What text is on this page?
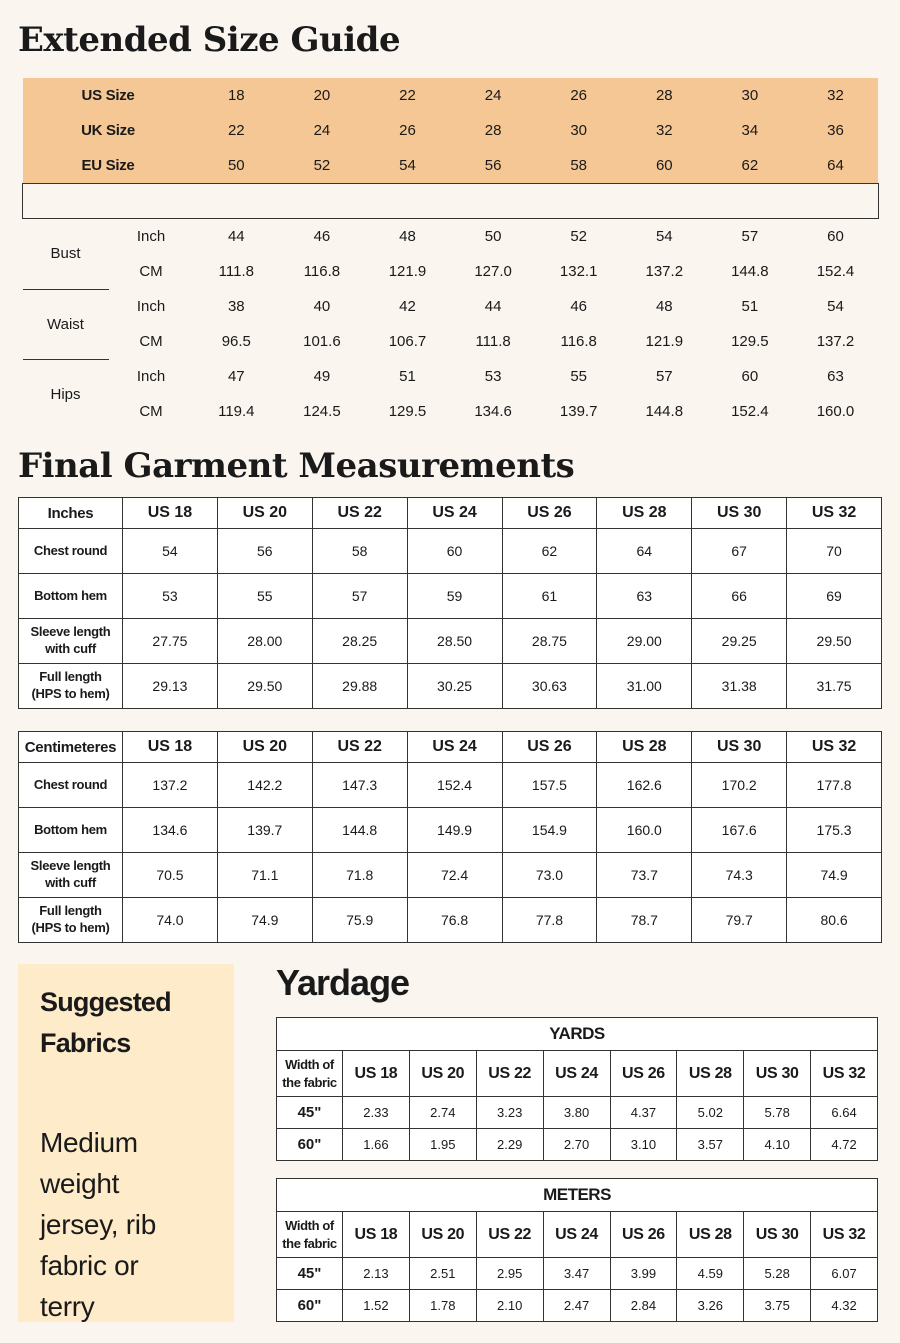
Extended Size Guide
US Size		18	20	22	24	26	28	30	32
UK Size		22	24	26	28	30	32	34	36
EU Size		50	52	54	56	58	60	62	64

Bust	Inch	44	46	48	50	52	54	57	60
	CM	111.8	116.8	121.9	127.0	132.1	137.2	144.8	152.4
Waist	Inch	38	40	42	44	46	48	51	54
	CM	96.5	101.6	106.7	111.8	116.8	121.9	129.5	137.2
Hips	Inch	47	49	51	53	55	57	60	63
	CM	119.4	124.5	129.5	134.6	139.7	144.8	152.4	160.0
Final Garment Measurements
Inches	US 18	US 20	US 22	US 24	US 26	US 28	US 30	US 32

Chest round	54	56	58	60	62	64	67	70

Bottom hem	53	55	57	59	61	63	66	69

Sleeve length
with cuff	27.75	28.00	28.25	28.50	28.75	29.00	29.25	29.50

Full length
(HPS to hem)	29.13	29.50	29.88	30.25	30.63	31.00	31.38	31.75
Centimeteres	US 18	US 20	US 22	US 24	US 26	US 28	US 30	US 32

Chest round	137.2	142.2	147.3	152.4	157.5	162.6	170.2	177.8

Bottom hem	134.6	139.7	144.8	149.9	154.9	160.0	167.6	175.3

Sleeve length
with cuff	70.5	71.1	71.8	72.4	73.0	73.7	74.3	74.9

Full length
(HPS to hem)	74.0	74.9	75.9	76.8	77.8	78.7	79.7	80.6
Suggested
Fabrics
Medium
weight
jersey, rib
fabric or
terry
Yardage
YARDS								

Width of
the fabric	US 18	US 20	US 22	US 24	US 26	US 28	US 30	US 32
45"	2.33	2.74	3.23	3.80	4.37	5.02	5.78	6.64
60"	1.66	1.95	2.29	2.70	3.10	3.57	4.10	4.72
METERS								

Width of
the fabric	US 18	US 20	US 22	US 24	US 26	US 28	US 30	US 32
45"	2.13	2.51	2.95	3.47	3.99	4.59	5.28	6.07
60"	1.52	1.78	2.10	2.47	2.84	3.26	3.75	4.32
